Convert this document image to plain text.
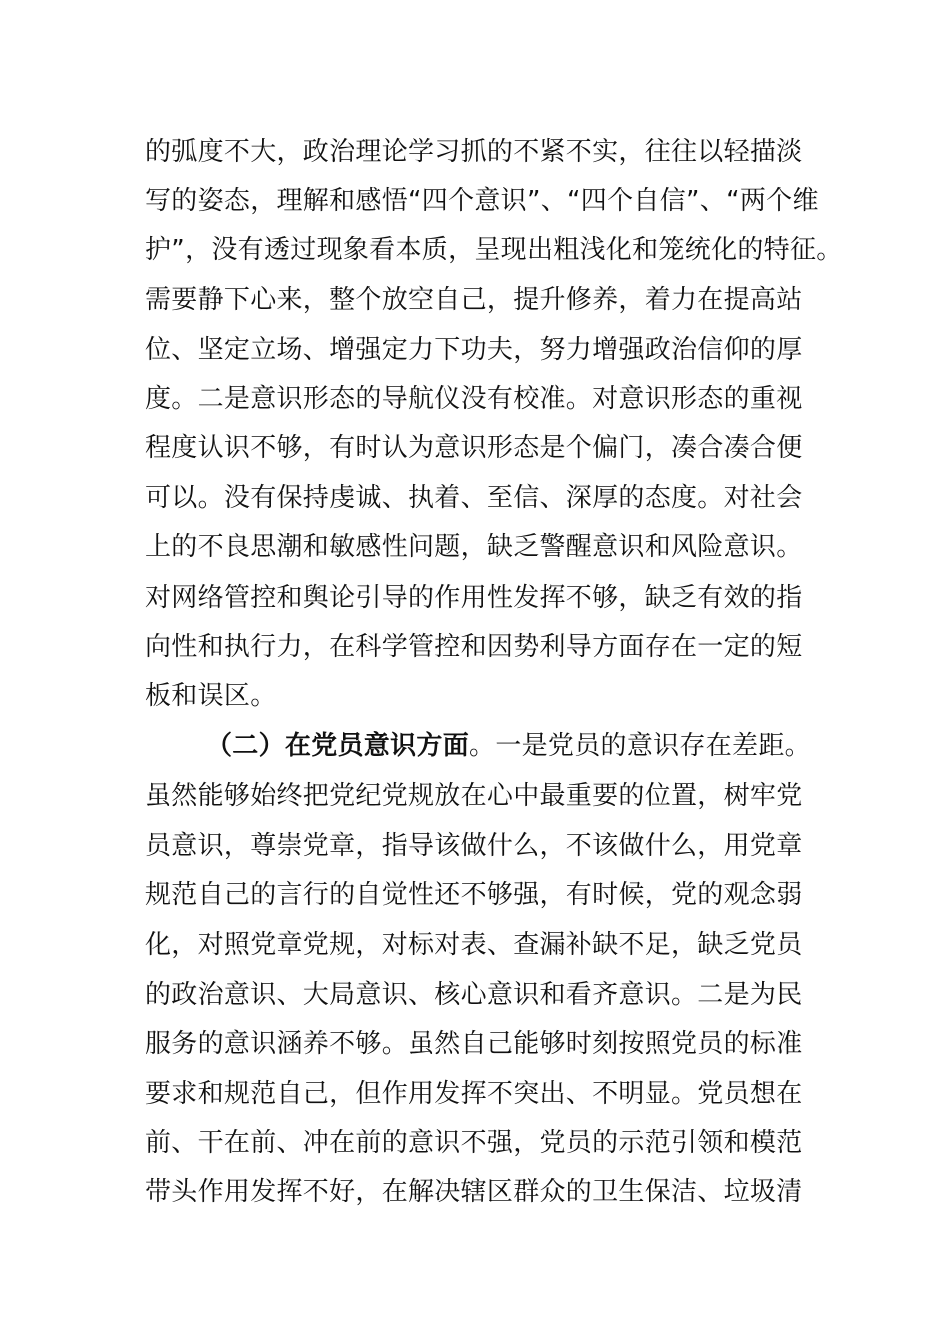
的弧度不大，政治理论学习抓的不紧不实，往往以轻描淡
写的姿态，理解和感悟“四个意识”、“四个自信”、“两个维
护”，没有透过现象看本质，呈现出粗浅化和笼统化的特征。
需要静下心来，整个放空自己，提升修养，着力在提高站
位、坚定立场、增强定力下功夫，努力增强政治信仰的厚
度。二是意识形态的导航仪没有校准。对意识形态的重视
程度认识不够，有时认为意识形态是个偏门，凑合凑合便
可以。没有保持虔诚、执着、至信、深厚的态度。对社会
上的不良思潮和敏感性问题，缺乏警醒意识和风险意识。
对网络管控和舆论引导的作用性发挥不够，缺乏有效的指
向性和执行力，在科学管控和因势利导方面存在一定的短
板和误区。
（二）在党员意识方面。一是党员的意识存在差距。
虽然能够始终把党纪党规放在心中最重要的位置，树牢党
员意识，尊崇党章，指导该做什么，不该做什么，用党章
规范自己的言行的自觉性还不够强，有时候，党的观念弱
化，对照党章党规，对标对表、查漏补缺不足，缺乏党员
的政治意识、大局意识、核心意识和看齐意识。二是为民
服务的意识涵养不够。虽然自己能够时刻按照党员的标准
要求和规范自己，但作用发挥不突出、不明显。党员想在
前、干在前、冲在前的意识不强，党员的示范引领和模范
带头作用发挥不好，在解决辖区群众的卫生保洁、垃圾清
